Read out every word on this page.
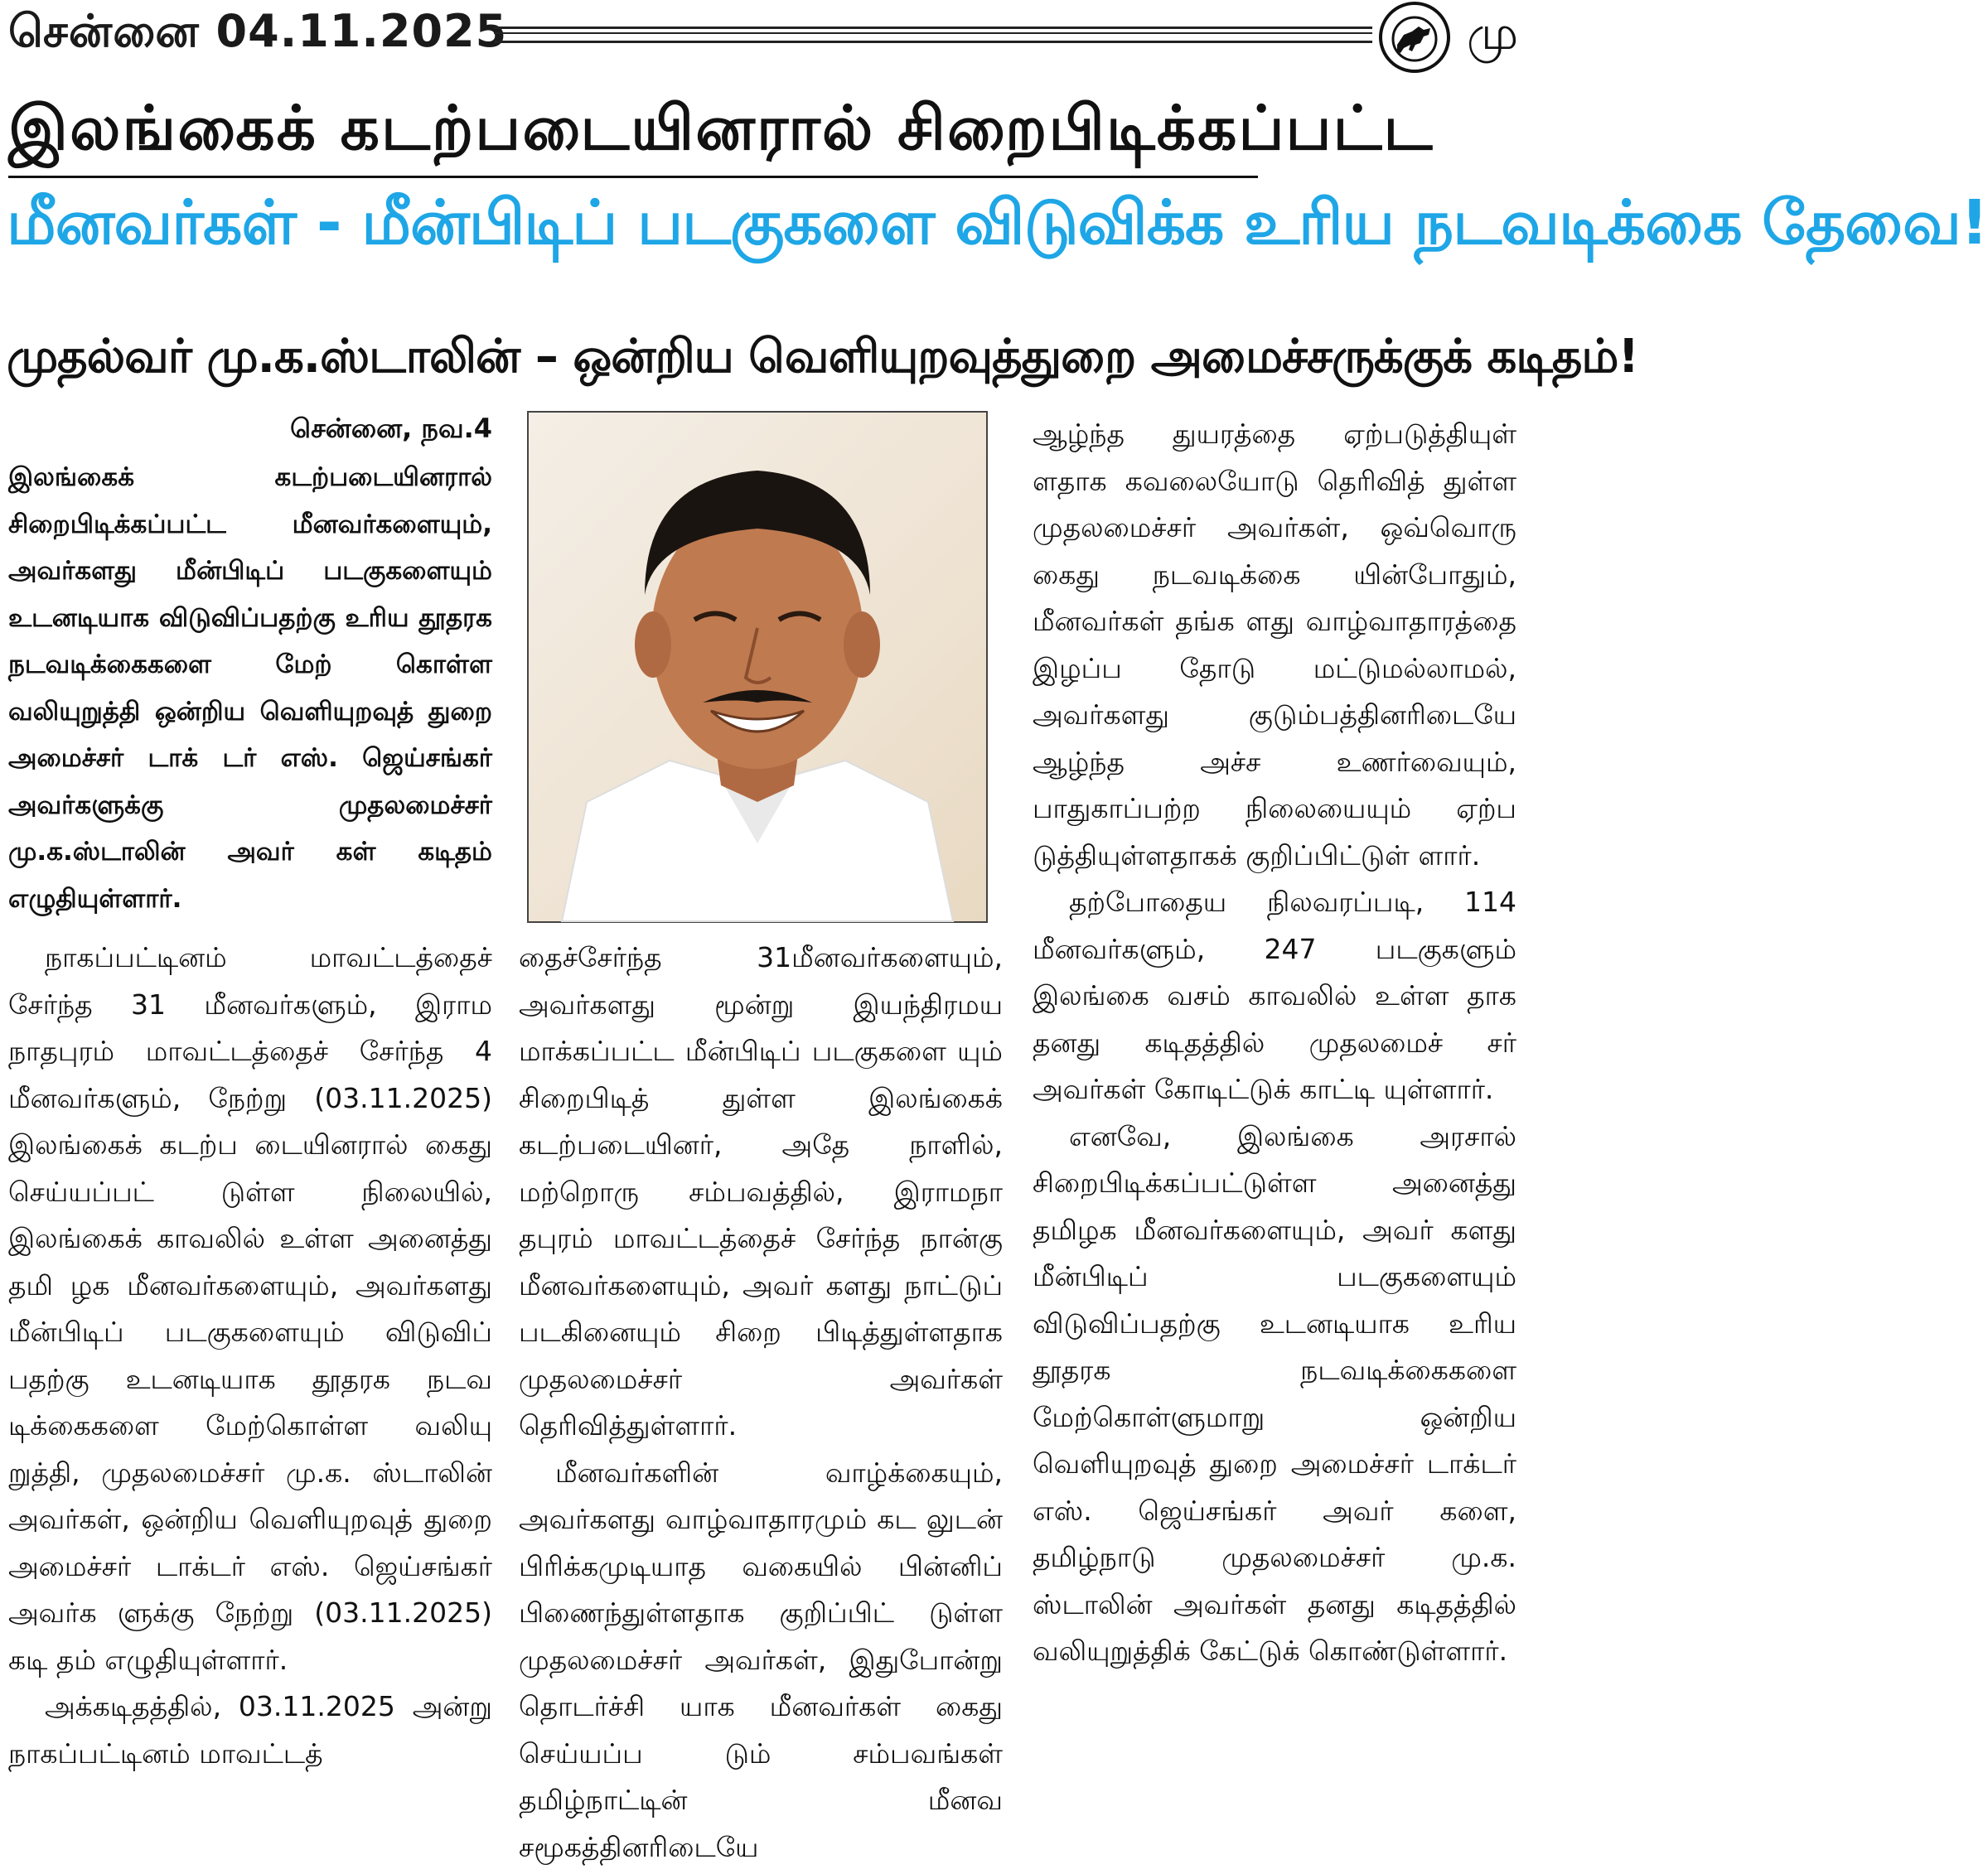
சென்னை 04.11.2025	மு
இலங்கைக் கடற்படையினரால் சிறைபிடிக்கப்பட்ட
மீனவர்கள் - மீன்பிடிப் படகுகளை விடுவிக்க உரிய நடவடிக்கை தேவை!
முதல்வர் மு.க.ஸ்டாலின் – ஒன்றிய வெளியுறவுத்துறை அமைச்சருக்குக் கடிதம்!
சென்னை, நவ.4

இலங்கைக் கடற்படையினரால் சிறைபிடிக்கப்பட்ட மீனவர்களையும், அவர்களது மீன்பிடிப் படகுகளையும் உடனடியாக விடுவிப்பதற்கு உரிய தூதரக நடவடிக்கைகளை மேற் கொள்ள வலியுறுத்தி ஒன்றிய வெளியுறவுத் துறை அமைச்சர் டாக் டர் எஸ். ஜெய்சங்கர் அவர்களுக்கு முதலமைச்சர் மு.க.ஸ்டாலின் அவர் கள் கடிதம் எழுதியுள்ளார்.

நாகப்பட்டினம் மாவட்டத்தைச் சேர்ந்த 31 மீனவர்களும், இராம நாதபுரம் மாவட்டத்தைச் சேர்ந்த 4 மீனவர்களும், நேற்று (03.11.2025) இலங்கைக் கடற்ப டையினரால் கைது செய்யப்பட் டுள்ள நிலையில், இலங்கைக் காவலில் உள்ள அனைத்து தமி ழக மீனவர்களையும், அவர்களது மீன்பிடிப் படகுகளையும் விடுவிப் பதற்கு உடனடியாக தூதரக நடவ டிக்கைகளை மேற்கொள்ள வலியு றுத்தி, முதலமைச்சர் மு.க. ஸ்டாலின் அவர்கள், ஒன்றிய வெளியுறவுத் துறை அமைச்சர் டாக்டர் எஸ். ஜெய்சங்கர் அவர்க ளுக்கு நேற்று (03.11.2025) கடி தம் எழுதியுள்ளார்.

அக்கடிதத்தில், 03.11.2025 அன்று நாகப்பட்டினம் மாவட்டத்

தைச்சேர்ந்த 31மீனவர்களையும், அவர்களது மூன்று இயந்திரமய மாக்கப்பட்ட மீன்பிடிப் படகுகளை யும் சிறைபிடித் துள்ள இலங்கைக் கடற்படையினர், அதே நாளில், மற்றொரு சம்பவத்தில், இராமநா தபுரம் மாவட்டத்தைச் சேர்ந்த நான்கு மீனவர்களையும், அவர் களது நாட்டுப் படகினையும் சிறை பிடித்துள்ளதாக முதலமைச்சர் அவர்கள் தெரிவித்துள்ளார்.

மீனவர்களின் வாழ்க்கையும், அவர்களது வாழ்வாதாரமும் கட லுடன் பிரிக்கமுடியாத வகையில் பின்னிப் பிணைந்துள்ளதாக குறிப்பிட் டுள்ள முதலமைச்சர் அவர்கள், இதுபோன்று தொடர்ச்சி யாக மீனவர்கள் கைது செய்யப்ப டும் சம்பவங்கள் தமிழ்நாட்டின் மீனவ சமூகத்தினரிடையே

ஆழ்ந்த துயரத்தை ஏற்படுத்தியுள் ளதாக கவலையோடு தெரிவித் துள்ள முதலமைச்சர் அவர்கள், ஒவ்வொரு கைது நடவடிக்கை யின்போதும், மீனவர்கள் தங்க ளது வாழ்வாதாரத்தை இழப்ப தோடு மட்டுமல்லாமல், அவர்களது குடும்பத்தினரிடையே ஆழ்ந்த அச்ச உணர்வையும், பாதுகாப்பற்ற நிலையையும் ஏற்ப டுத்தியுள்ளதாகக் குறிப்பிட்டுள் ளார்.

தற்போதைய நிலவரப்படி, 114 மீனவர்களும், 247 படகுகளும் இலங்கை வசம் காவலில் உள்ள தாக தனது கடிதத்தில் முதலமைச் சர் அவர்கள் கோடிட்டுக் காட்டி யுள்ளார்.

எனவே, இலங்கை அரசால் சிறைபிடிக்கப்பட்டுள்ள அனைத்து தமிழக மீனவர்களையும், அவர் களது மீன்பிடிப் படகுகளையும் விடுவிப்பதற்கு உடனடியாக உரிய தூதரக நடவடிக்கைகளை மேற்கொள்ளுமாறு ஒன்றிய வெளியுறவுத் துறை அமைச்சர் டாக்டர் எஸ். ஜெய்சங்கர் அவர் களை, தமிழ்நாடு முதலமைச்சர் மு.க. ஸ்டாலின் அவர்கள் தனது கடிதத்தில் வலியுறுத்திக் கேட்டுக் கொண்டுள்ளார்.
